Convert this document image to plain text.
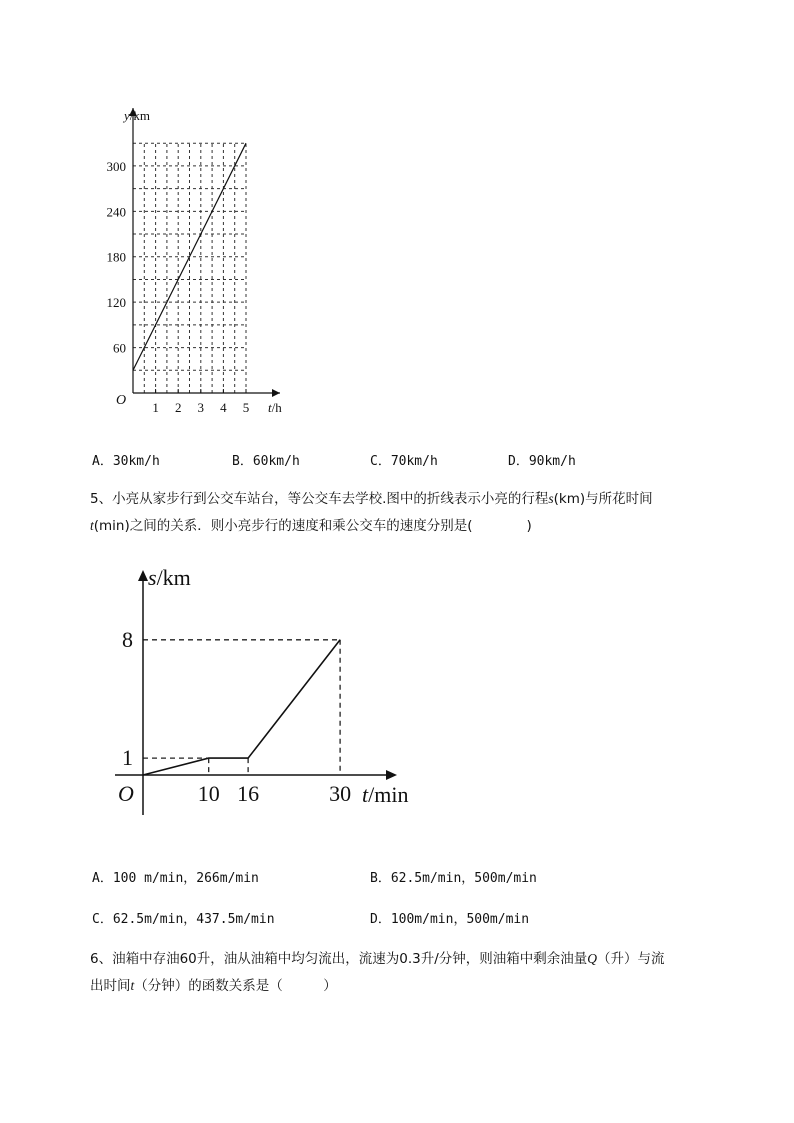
1 2 3 4 5
60
120
180
240
300
y/km
t/h
O
A．30km/h	B．60km/h	C．70km/h	D．90km/h
5、小亮从家步行到公交车站台，等公交车去学校.图中的折线表示小亮的行程s(km)与所花时间
t(min)之间的关系．则小亮步行的速度和乘公交车的速度分别是(　　　　)
10 16	30
1
8
s/km
t/min
O
A．100 m/min，266m/min	B．62.5m/min，500m/min
C．62.5m/min，437.5m/min	D．100m/min，500m/min
6、油箱中存油60升，油从油箱中均匀流出，流速为0.3升/分钟，则油箱中剩余油量Q（升）与流
出时间t（分钟）的函数关系是（　　　）
